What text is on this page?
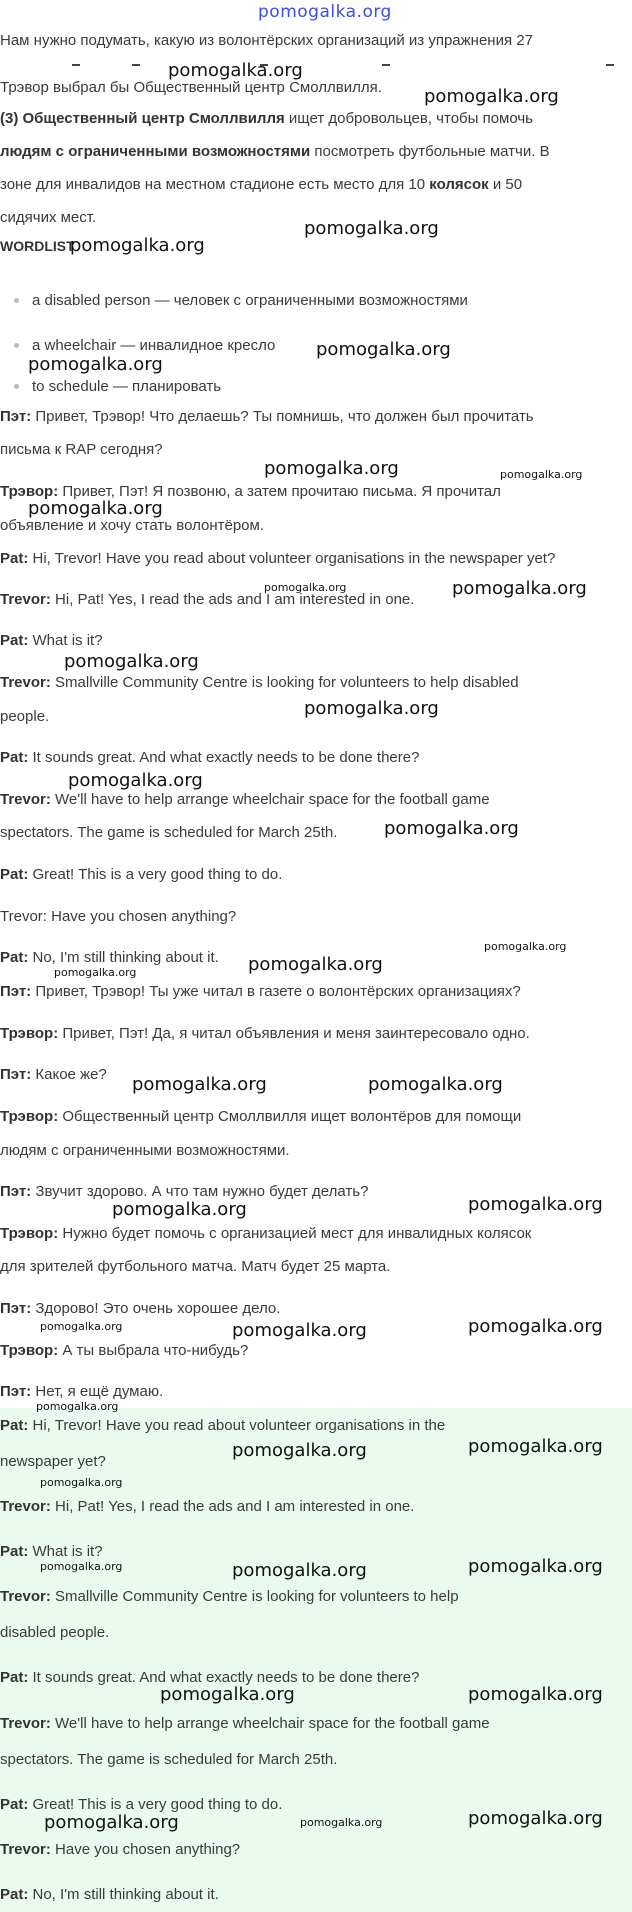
pomogalka.org
Нам нужно подумать, какую из волонтёрских организаций из упражнения 27
Трэвор выбрал бы Общественный центр Смоллвилля.
(3) Общественный центр Смоллвилля ищет добровольцев, чтобы помочь
людям с ограниченными возможностями посмотреть футбольные матчи. В
зоне для инвалидов на местном стадионе есть место для 10 колясок и 50
сидячих мест.
WORDLIST
a disabled person — человек с ограниченными возможностями
a wheelchair — инвалидное кресло
to schedule — планировать
Пэт: Привет, Трэвор! Что делаешь? Ты помнишь, что должен был прочитать
письма к RAP сегодня?
Трэвор: Привет, Пэт! Я позвоню, а затем прочитаю письма. Я прочитал
объявление и хочу стать волонтёром.
Pat: Hi, Trevor! Have you read about volunteer organisations in the newspaper yet?
Trevor: Hi, Pat! Yes, I read the ads and I am interested in one.
Pat: What is it?
Trevor: Smallville Community Centre is looking for volunteers to help disabled
people.
Pat: It sounds great. And what exactly needs to be done there?
Trevor: We'll have to help arrange wheelchair space for the football game
spectators. The game is scheduled for March 25th.
Pat: Great! This is a very good thing to do.
Trevor: Have you chosen anything?
Pat: No, I'm still thinking about it.
Пэт: Привет, Трэвор! Ты уже читал в газете о волонтёрских организациях?
Трэвор: Привет, Пэт! Да, я читал объявления и меня заинтересовало одно.
Пэт: Какое же?
Трэвор: Общественный центр Смоллвилля ищет волонтёров для помощи
людям с ограниченными возможностями.
Пэт: Звучит здорово. А что там нужно будет делать?
Трэвор: Нужно будет помочь с организацией мест для инвалидных колясок
для зрителей футбольного матча. Матч будет 25 марта.
Пэт: Здорово! Это очень хорошее дело.
Трэвор: А ты выбрала что-нибудь?
Пэт: Нет, я ещё думаю.
Pat: Hi, Trevor! Have you read about volunteer organisations in the
newspaper yet?
Trevor: Hi, Pat! Yes, I read the ads and I am interested in one.
Pat: What is it?
Trevor: Smallville Community Centre is looking for volunteers to help
disabled people.
Pat: It sounds great. And what exactly needs to be done there?
Trevor: We'll have to help arrange wheelchair space for the football game
spectators. The game is scheduled for March 25th.
Pat: Great! This is a very good thing to do.
Trevor: Have you chosen anything?
Pat: No, I'm still thinking about it.
pomogalka.org
pomogalka.org
pomogalka.org
pomogalka.org
pomogalka.org
pomogalka.org
pomogalka.org	pomogalka.org
pomogalka.org
pomogalka.org	pomogalka.org
pomogalka.org
pomogalka.org
pomogalka.org
pomogalka.org
pomogalka.org
pomogalka.org
pomogalka.org
pomogalka.org	pomogalka.org
pomogalka.org	pomogalka.org
pomogalka.org	pomogalka.org	pomogalka.org
pomogalka.org
pomogalka.org	pomogalka.org
pomogalka.org
pomogalka.org	pomogalka.org	pomogalka.org
pomogalka.org	pomogalka.org
pomogalka.org	pomogalka.org	pomogalka.org
